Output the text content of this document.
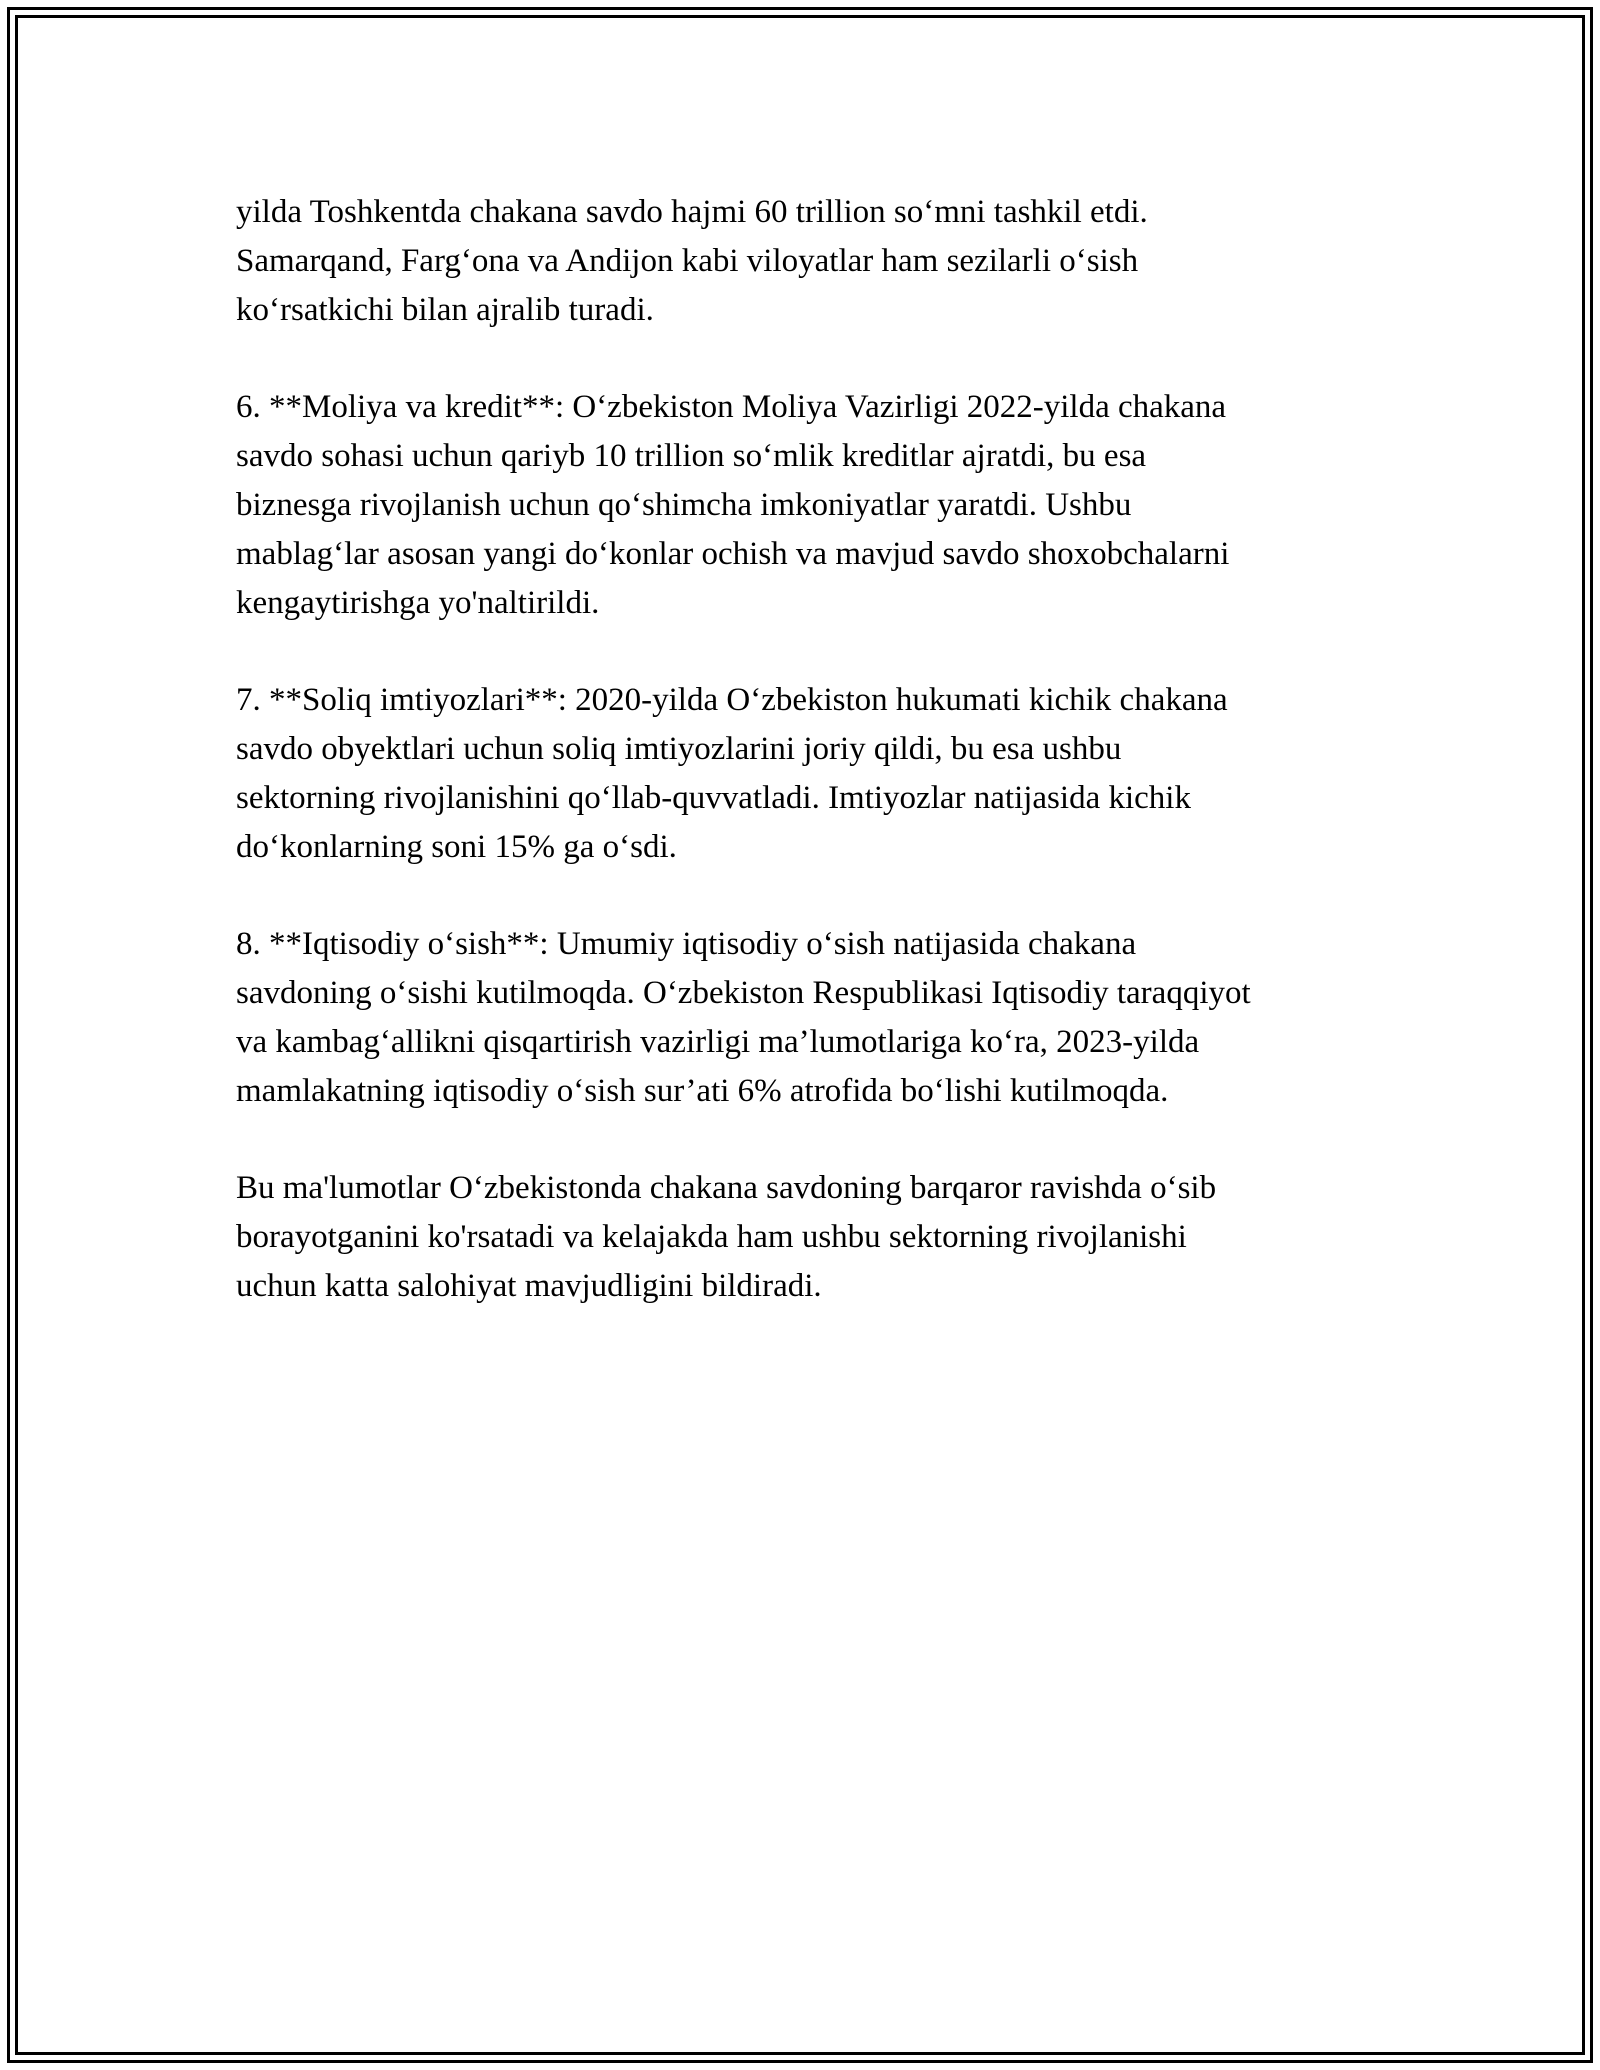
yilda Toshkentda chakana savdo hajmi 60 trillion so‘mni tashkil etdi.
Samarqand, Farg‘ona va Andijon kabi viloyatlar ham sezilarli o‘sish
ko‘rsatkichi bilan ajralib turadi.

6. **Moliya va kredit**: O‘zbekiston Moliya Vazirligi 2022-yilda chakana
savdo sohasi uchun qariyb 10 trillion so‘mlik kreditlar ajratdi, bu esa
biznesga rivojlanish uchun qo‘shimcha imkoniyatlar yaratdi. Ushbu
mablag‘lar asosan yangi do‘konlar ochish va mavjud savdo shoxobchalarni
kengaytirishga yo'naltirildi.

7. **Soliq imtiyozlari**: 2020-yilda O‘zbekiston hukumati kichik chakana
savdo obyektlari uchun soliq imtiyozlarini joriy qildi, bu esa ushbu
sektorning rivojlanishini qo‘llab-quvvatladi. Imtiyozlar natijasida kichik
do‘konlarning soni 15% ga o‘sdi.

8. **Iqtisodiy o‘sish**: Umumiy iqtisodiy o‘sish natijasida chakana
savdoning o‘sishi kutilmoqda. O‘zbekiston Respublikasi Iqtisodiy taraqqiyot
va kambag‘allikni qisqartirish vazirligi ma’lumotlariga ko‘ra, 2023-yilda
mamlakatning iqtisodiy o‘sish sur’ati 6% atrofida bo‘lishi kutilmoqda.

Bu ma'lumotlar O‘zbekistonda chakana savdoning barqaror ravishda o‘sib
borayotganini ko'rsatadi va kelajakda ham ushbu sektorning rivojlanishi
uchun katta salohiyat mavjudligini bildiradi.
